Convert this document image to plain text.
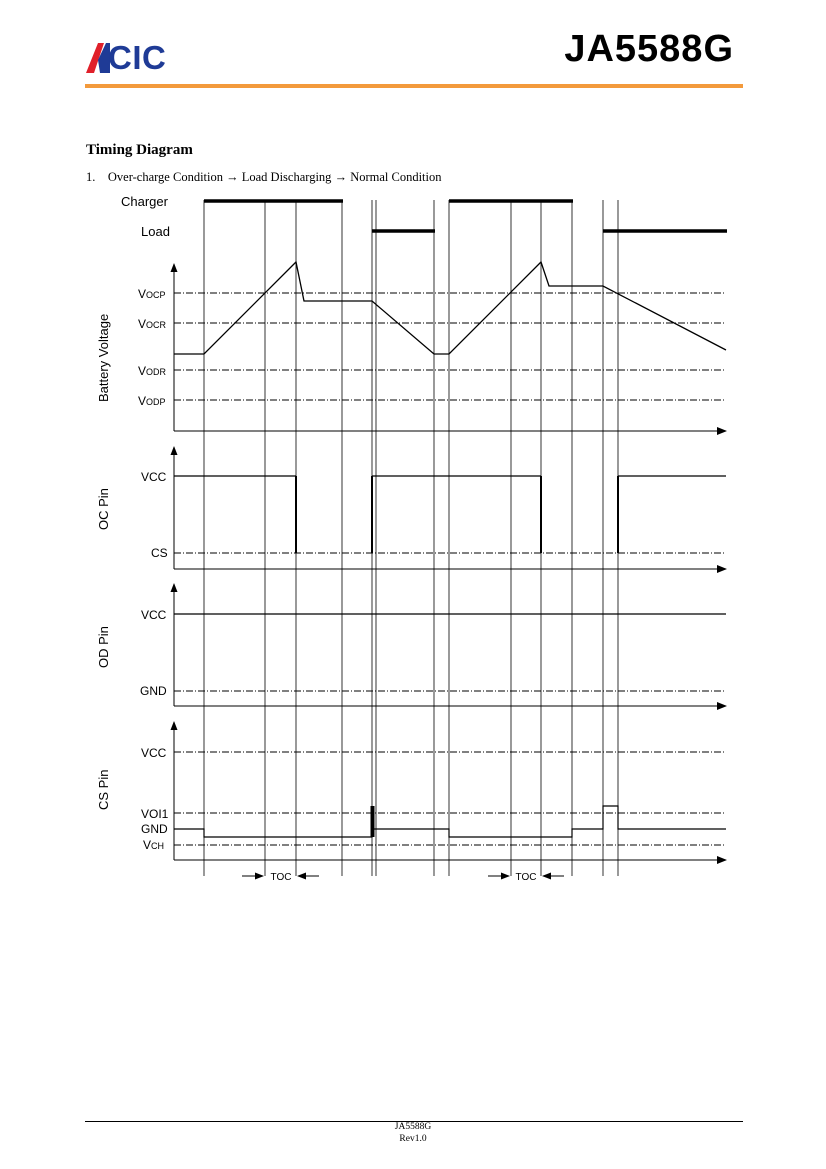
CIC	JA5588G
Timing Diagram
1. Over-charge Condition → Load Discharging → Normal Condition
Charger
Load
VOCP
VOCR
VODR
VODP
Battery Voltage
VCC
CS
OC Pin
VCC
GND
OD Pin
VCC
VOI1
GND
VCH
CS Pin
TOC	TOC
JA5588G
Rev1.0
